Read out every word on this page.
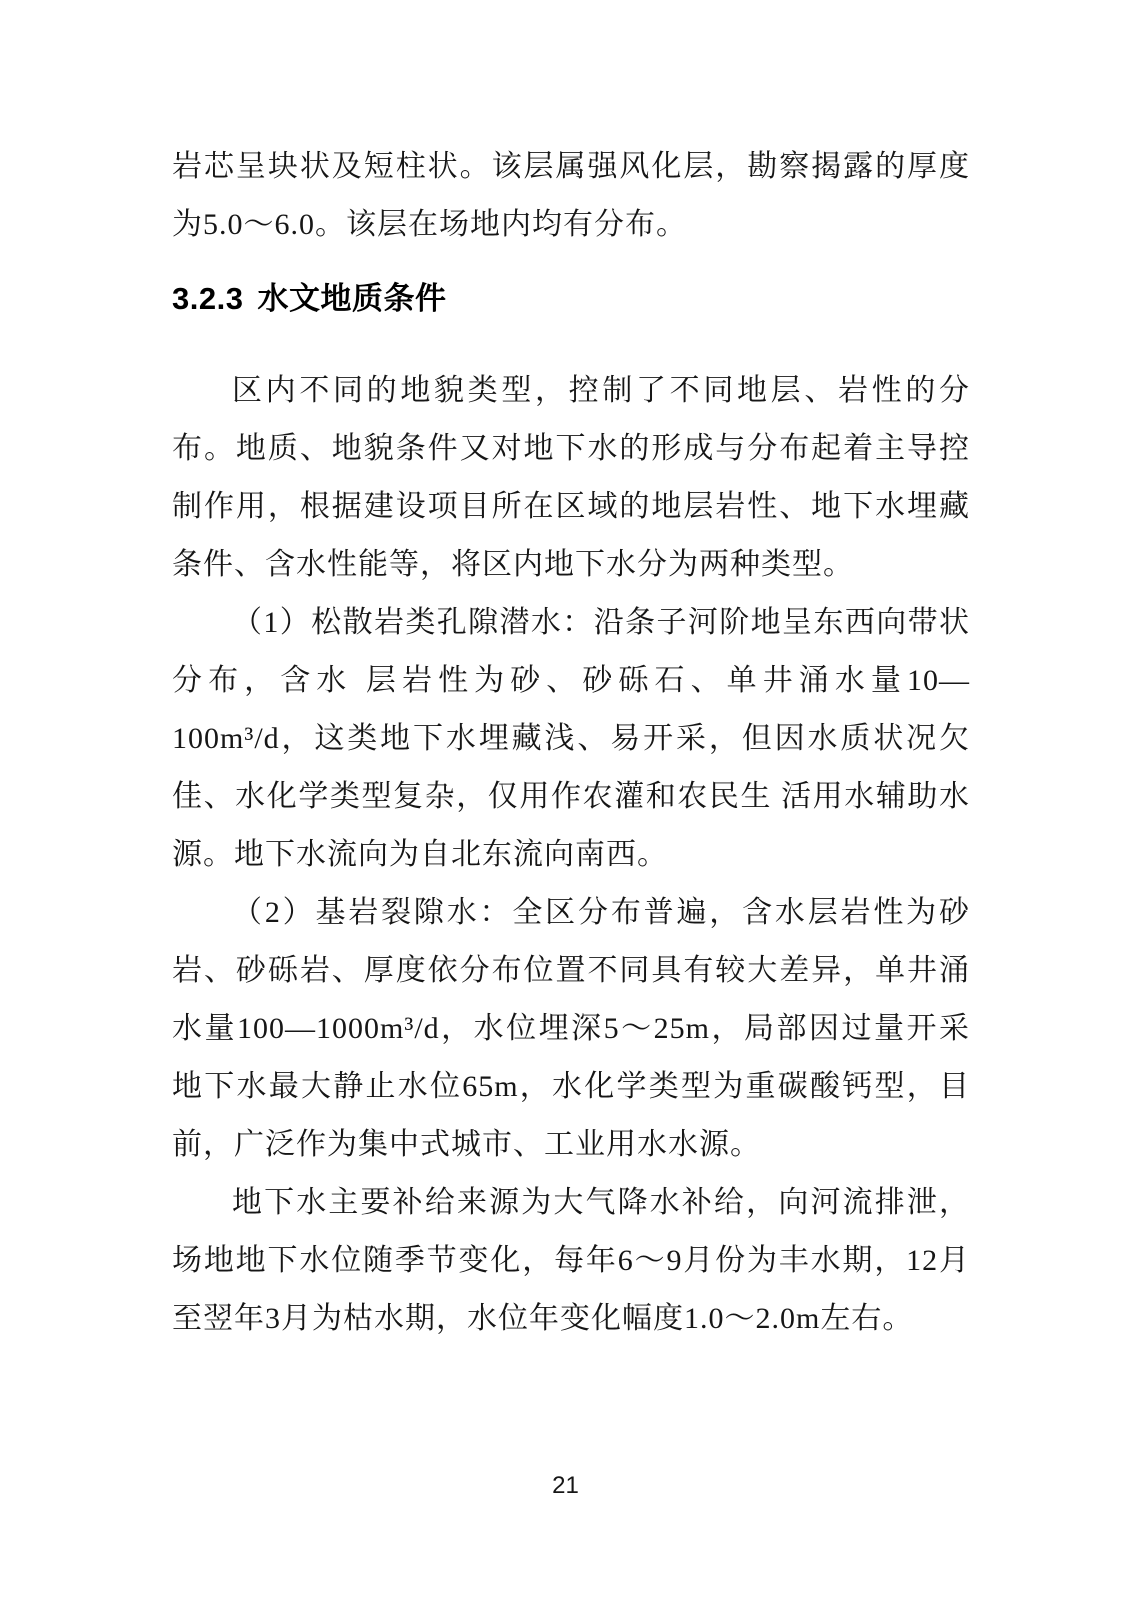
岩芯呈块状及短柱状。该层属强风化层，勘察揭露的厚度为5.0～6.0。该层在场地内均有分布。

3.2.3 水文地质条件

区内不同的地貌类型，控制了不同地层、岩性的分布。地质、地貌条件又对地下水的形成与分布起着主导控制作用，根据建设项目所在区域的地层岩性、地下水埋藏条件、含水性能等，将区内地下水分为两种类型。

（1）松散岩类孔隙潜水：沿条子河阶地呈东西向带状分布，含水 层岩性为砂、砂砾石、单井涌水量10—100m³/d，这类地下水埋藏浅、易开采，但因水质状况欠佳、水化学类型复杂，仅用作农灌和农民生 活用水辅助水源。地下水流向为自北东流向南西。

（2）基岩裂隙水：全区分布普遍，含水层岩性为砂岩、砂砾岩、厚度依分布位置不同具有较大差异，单井涌水量100—1000m³/d，水位埋深5～25m，局部因过量开采地下水最大静止水位65m，水化学类型为重碳酸钙型，目前，广泛作为集中式城市、工业用水水源。

地下水主要补给来源为大气降水补给，向河流排泄，场地地下水位随季节变化，每年6～9月份为丰水期，12月至翌年3月为枯水期，水位年变化幅度1.0～2.0m左右。

21
